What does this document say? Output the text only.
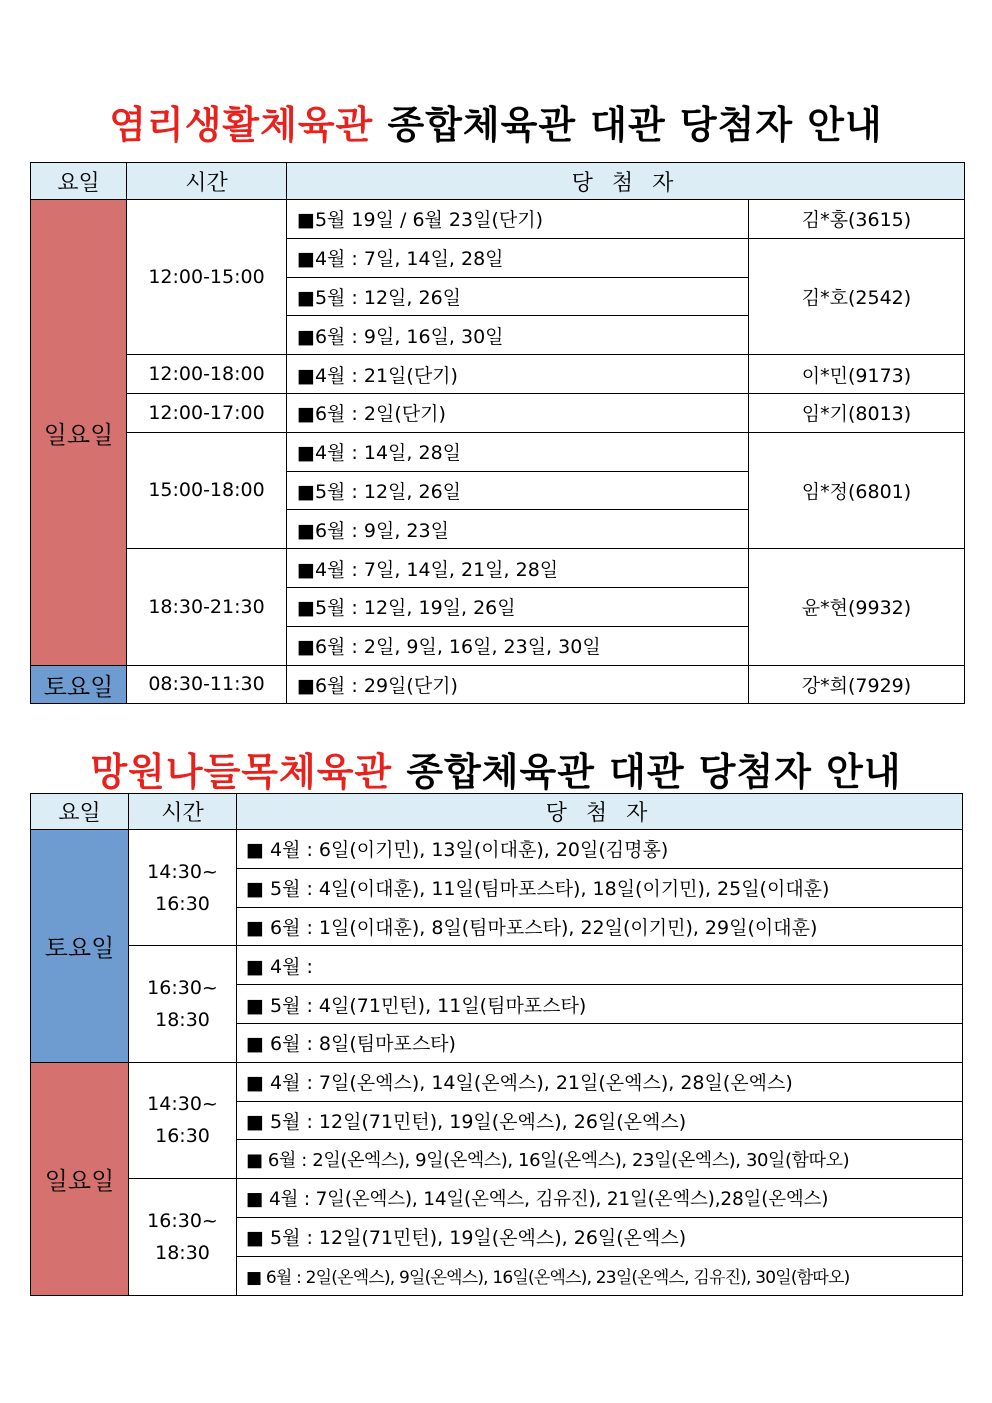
염리생활체육관 종합체육관 대관 당첨자 안내
요일	시간	당 첨 자	
일요일	12:00-15:00	■5월 19일 / 6월 23일(단기)	김*홍(3615)
		■4월 : 7일, 14일, 28일	김*호(2542)
		■5월 : 12일, 26일	
		■6월 : 9일, 16일, 30일	
	12:00-18:00	■4월 : 21일(단기)	이*민(9173)
	12:00-17:00	■6월 : 2일(단기)	임*기(8013)
	15:00-18:00	■4월 : 14일, 28일	임*정(6801)
		■5월 : 12일, 26일	
		■6월 : 9일, 23일	
	18:30-21:30	■4월 : 7일, 14일, 21일, 28일	윤*현(9932)
		■5월 : 12일, 19일, 26일	
		■6월 : 2일, 9일, 16일, 23일, 30일	
토요일	08:30-11:30	■6월 : 29일(단기)	강*희(7929)
망원나들목체육관 종합체육관 대관 당첨자 안내
요일	시간	당 첨 자
토요일	14:30~
16:30	■ 4월 : 6일(이기민), 13일(이대훈), 20일(김명홍)
		■ 5월 : 4일(이대훈), 11일(팀마포스타), 18일(이기민), 25일(이대훈)
		■ 6월 : 1일(이대훈), 8일(팀마포스타), 22일(이기민), 29일(이대훈)
	16:30~
18:30	■ 4월 :
		■ 5월 : 4일(71민턴), 11일(팀마포스타)
		■ 6월 : 8일(팀마포스타)
일요일	14:30~
16:30	■ 4월 : 7일(온엑스), 14일(온엑스), 21일(온엑스), 28일(온엑스)
		■ 5월 : 12일(71민턴), 19일(온엑스), 26일(온엑스)
		■ 6월 : 2일(온엑스), 9일(온엑스), 16일(온엑스), 23일(온엑스), 30일(함따오)
	16:30~
18:30	■ 4월 : 7일(온엑스), 14일(온엑스, 김유진), 21일(온엑스),28일(온엑스)
		■ 5월 : 12일(71민턴), 19일(온엑스), 26일(온엑스)
		■ 6월 : 2일(온엑스), 9일(온엑스), 16일(온엑스), 23일(온엑스, 김유진), 30일(함따오)
